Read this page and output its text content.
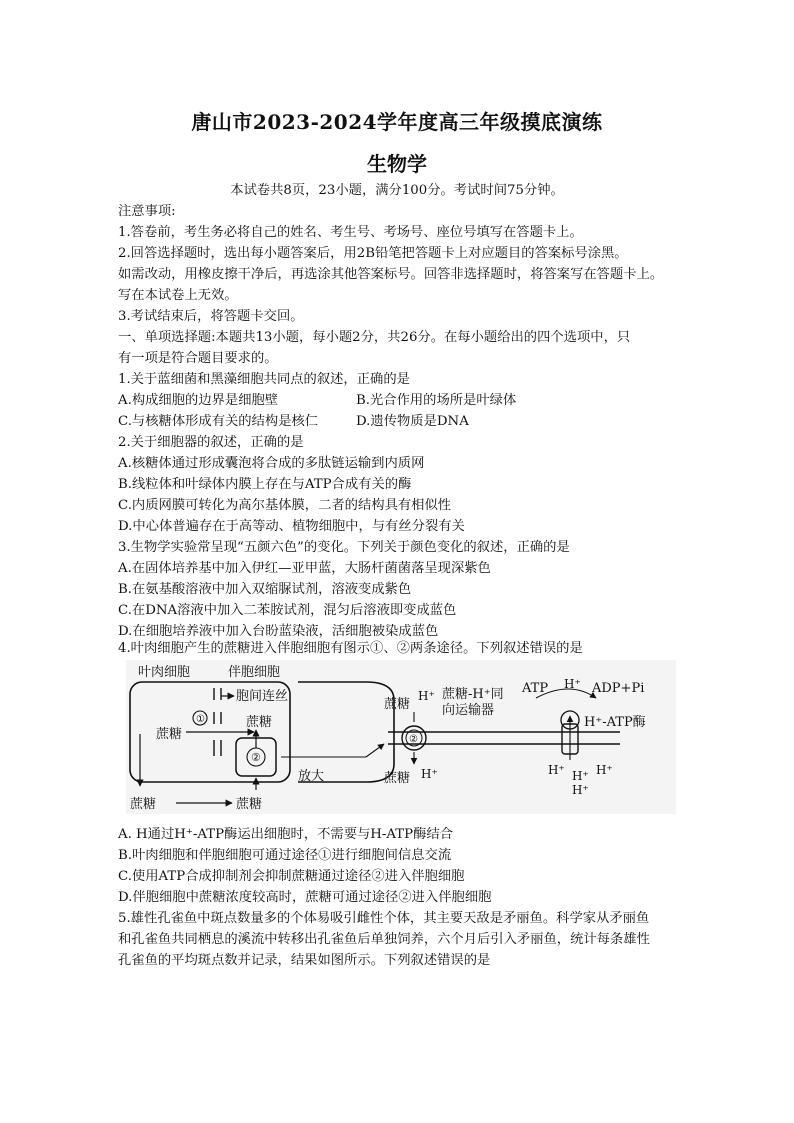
唐山市2023-2024学年度高三年级摸底演练
生物学
本试卷共8页，23小题，满分100分。考试时间75分钟。
注意事项:
1.答卷前，考生务必将自己的姓名、考生号、考场号、座位号填写在答题卡上。
2.回答选择题时，选出每小题答案后，用2B铅笔把答题卡上对应题目的答案标号涂黑。
如需改动，用橡皮擦干净后，再选涂其他答案标号。回答非选择题时，将答案写在答题卡上。
写在本试卷上无效。
3.考试结束后，将答题卡交回。
一、单项选择题:本题共13小题，每小题2分，共26分。在每小题给出的四个选项中，只
有一项是符合题目要求的。
1.关于蓝细菌和黑藻细胞共同点的叙述，正确的是
A.构成细胞的边界是细胞壁	B.光合作用的场所是叶绿体
C.与核糖体形成有关的结构是核仁	D.遗传物质是DNA
2.关于细胞器的叙述，正确的是
A.核糖体通过形成囊泡将合成的多肽链运输到内质网
B.线粒体和叶绿体内膜上存在与ATP合成有关的酶
C.内质网膜可转化为高尔基体膜，二者的结构具有相似性
D.中心体普遍存在于高等动、植物细胞中，与有丝分裂有关
3.生物学实验常呈现“五颜六色”的变化。下列关于颜色变化的叙述，正确的是
A.在固体培养基中加入伊红—亚甲蓝，大肠杆菌菌落呈现深紫色
B.在氨基酸溶液中加入双缩脲试剂，溶液变成紫色
C.在DNA溶液中加入二苯胺试剂，混匀后溶液即变成蓝色
D.在细胞培养液中加入台盼蓝染液，活细胞被染成蓝色
4.叶肉细胞产生的蔗糖进入伴胞细胞有图示①、②两条途径。下列叙述错误的是
叶肉细胞	伴胞细胞
胞间连丝
蔗糖
①	蔗糖
②
蔗糖	蔗糖
放大
②
蔗糖
H⁺
蔗糖 H⁺
蔗糖-H⁺同
向运输器
ATP H⁺ ADP+Pi
H⁺-ATP酶
H⁺ H⁺ H⁺
H⁺
A. H通过H⁺-ATP酶运出细胞时，不需要与H-ATP酶结合
B.叶肉细胞和伴胞细胞可通过途径①进行细胞间信息交流
C.使用ATP合成抑制剂会抑制蔗糖通过途径②进入伴胞细胞
D.伴胞细胞中蔗糖浓度较高时，蔗糖可通过途径②进入伴胞细胞
5.雄性孔雀鱼中斑点数量多的个体易吸引雌性个体，其主要天敌是矛丽鱼。科学家从矛丽鱼
和孔雀鱼共同栖息的溪流中转移出孔雀鱼后单独饲养，六个月后引入矛丽鱼，统计每条雄性
孔雀鱼的平均斑点数并记录，结果如图所示。下列叙述错误的是
